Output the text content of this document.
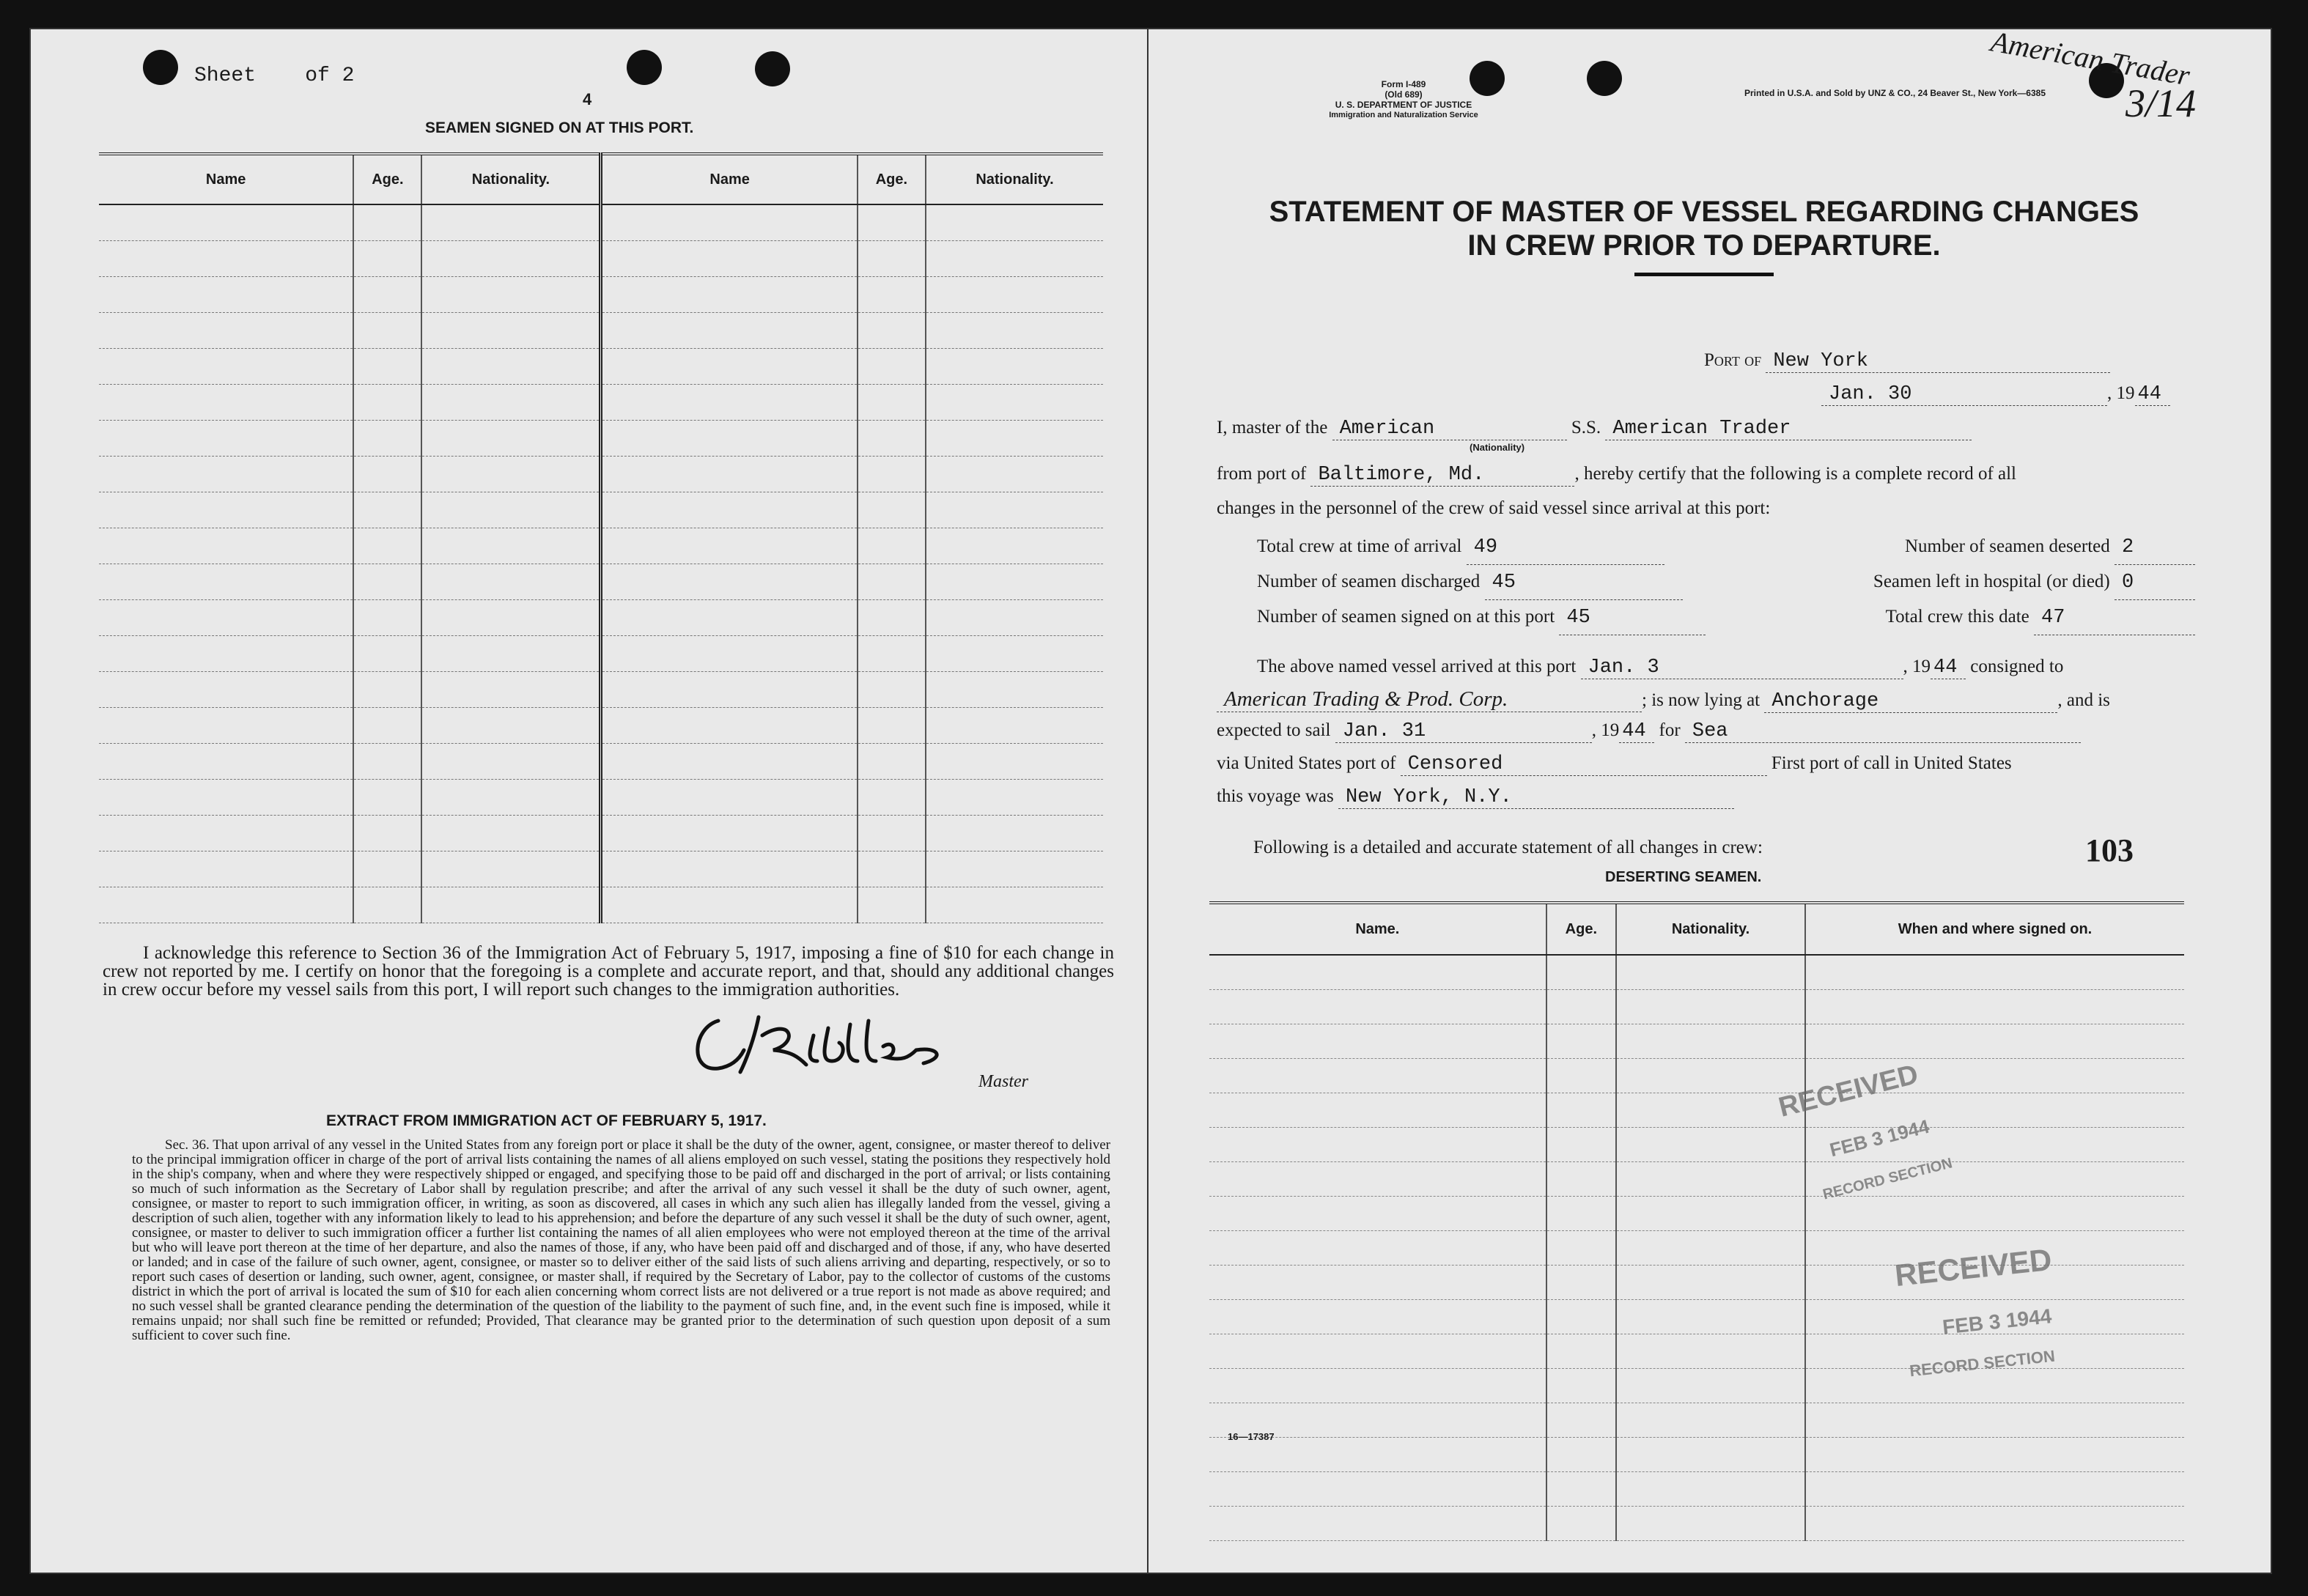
Sheet of 2
4
SEAMEN SIGNED ON AT THIS PORT.
Name	Age.	Nationality.	Name	Age.	Nationality.

I acknowledge this reference to Section 36 of the Immigration Act of February 5, 1917, imposing a fine of $10 for each change in crew not reported by me. I certify on honor that the foregoing is a complete and accurate report, and that, should any additional changes in crew occur before my vessel sails from this port, I will report such changes to the immigration authorities.
Master
EXTRACT FROM IMMIGRATION ACT OF FEBRUARY 5, 1917.
Sec. 36. That upon arrival of any vessel in the United States from any foreign port or place it shall be the duty of the owner, agent, consignee, or master thereof to deliver to the principal immigration officer in charge of the port of arrival lists containing the names of all aliens employed on such vessel, stating the positions they respectively hold in the ship's company, when and where they were respectively shipped or engaged, and specifying those to be paid off and discharged in the port of arrival; or lists containing so much of such information as the Secretary of Labor shall by regulation prescribe; and after the arrival of any such vessel it shall be the duty of such owner, agent, consignee, or master to report to such immigration officer, in writing, as soon as discovered, all cases in which any such alien has illegally landed from the vessel, giving a description of such alien, together with any information likely to lead to his apprehension; and before the departure of any such vessel it shall be the duty of such owner, agent, consignee, or master to deliver to such immigration officer a further list containing the names of all alien employees who were not employed thereon at the time of the arrival but who will leave port thereon at the time of her departure, and also the names of those, if any, who have been paid off and discharged and of those, if any, who have deserted or landed; and in case of the failure of such owner, agent, consignee, or master so to deliver either of the said lists of such aliens arriving and departing, respectively, or so to report such cases of desertion or landing, such owner, agent, consignee, or master shall, if required by the Secretary of Labor, pay to the collector of customs of the customs district in which the port of arrival is located the sum of $10 for each alien concerning whom correct lists are not delivered or a true report is not made as above required; and no such vessel shall be granted clearance pending the determination of the question of the liability to the payment of such fine, and, in the event such fine is imposed, while it remains unpaid; nor shall such fine be remitted or refunded; Provided, That clearance may be granted prior to the determination of such question upon deposit of a sum sufficient to cover such fine.
American Trader
3/14
Form I-489
(Old 689)
U. S. DEPARTMENT OF JUSTICE
Immigration and Naturalization Service
Printed in U.S.A. and Sold by UNZ & CO., 24 Beaver St., New York—6385
STATEMENT OF MASTER OF VESSEL REGARDING CHANGES
IN CREW PRIOR TO DEPARTURE.
Port of New York
Jan. 30	, 19 44
I, master of the American	S.S. American Trader
(Nationality)
from port of Baltimore, Md.	, hereby certify that the following is a complete record of all
changes in the personnel of the crew of said vessel since arrival at this port:
Total crew at time of arrival 49	Number of seamen deserted 2
Number of seamen discharged 45	Seamen left in hospital (or died) 0
Number of seamen signed on at this port 45	Total crew this date 47
The above named vessel arrived at this port Jan. 3	, 19 44 consigned to
American Trading & Prod. Corp.	; is now lying at Anchorage	, and is
expected to sail Jan. 31	, 19 44 for Sea
via United States port of Censored	First port of call in United States
this voyage was New York, N.Y.
Following is a detailed and accurate statement of all changes in crew:	103
DESERTING SEAMEN.
Name.	Age.	Nationality.	When and where signed on.

RECEIVED
FEB 3 1944
RECORD SECTION
RECEIVED
FEB 3 1944
RECORD SECTION
16—17387
